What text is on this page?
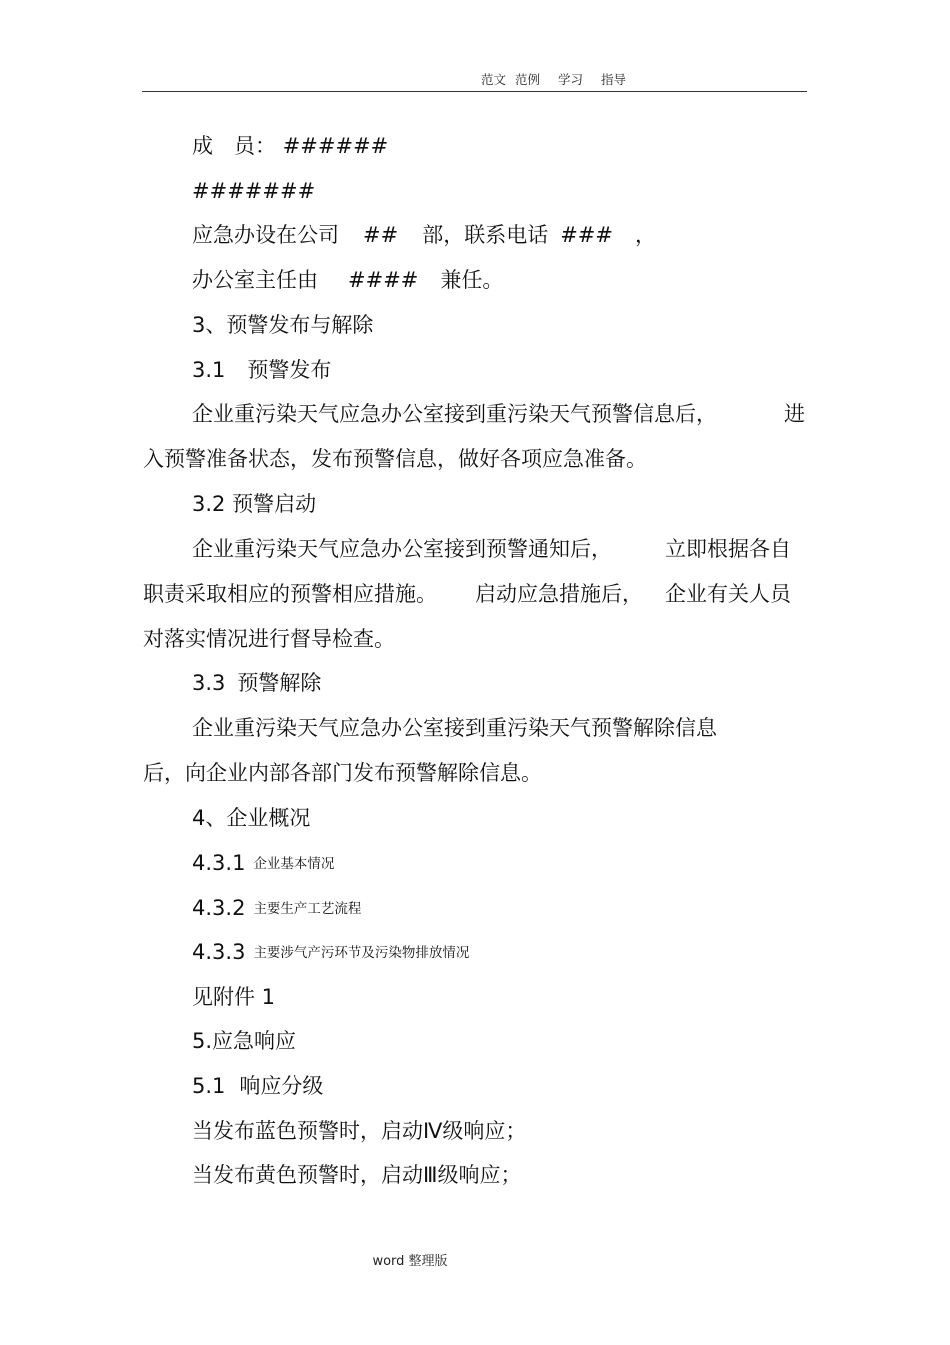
范文 范例 学习 指导
成　员： ######
#######
应急办设在公司 ## 部，联系电话 ### ，
办公室主任由 #### 兼任。
3、预警发布与解除
3.1 预警发布
企业重污染天气应急办公室接到重污染天气预警信息后，	进
入预警准备状态，发布预警信息，做好各项应急准备。
3.2 预警启动
企业重污染天气应急办公室接到预警通知后，	立即根据各自
职责采取相应的预警相应措施。 启动应急措施后， 企业有关人员
对落实情况进行督导检查。
3.3 预警解除
企业重污染天气应急办公室接到重污染天气预警解除信息
后，向企业内部各部门发布预警解除信息。
4、企业概况
4.3.1 企业基本情况
4.3.2 主要生产工艺流程
4.3.3 主要涉气产污环节及污染物排放情况
见附件 1
5.应急响应
5.1 响应分级
当发布蓝色预警时，启动Ⅳ级响应；
当发布黄色预警时，启动Ⅲ级响应；
word 整理版
